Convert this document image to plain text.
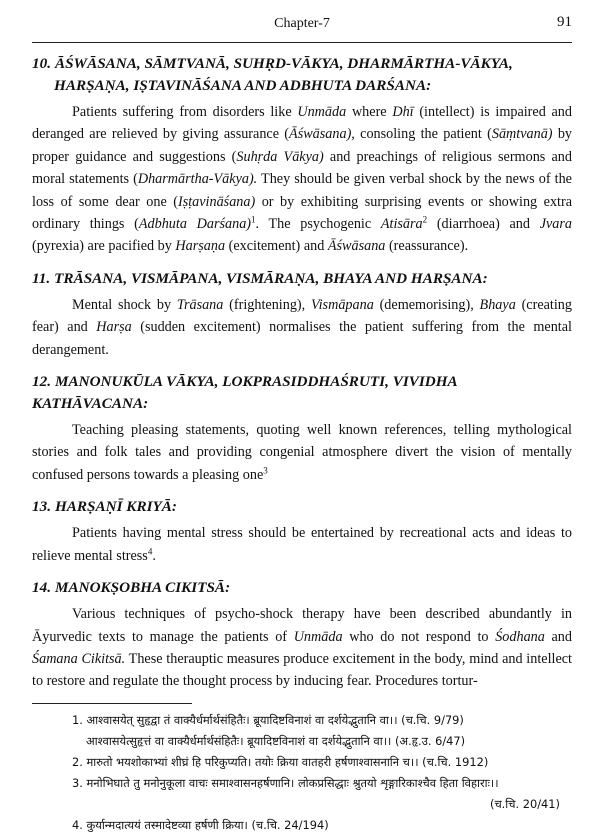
Chapter-7	91
10. ĀŚWĀSANA, SĀMTVANĀ, SUHṚD-VĀKYA, DHARMĀRTHA-VĀKYA,
HARṢAṆA, IṢTAVINĀŚANA AND ADBHUTA DARŚANA:

Patients suffering from disorders like Unmāda where Dhī (intellect) is impaired and deranged are relieved by giving assurance (Āśwāsana), consoling the patient (Sāṃtvanā) by proper guidance and suggestions (Suhṛda Vākya) and preachings of religious sermons and moral statements (Dharmārtha-Vākya). They should be given verbal shock by the news of the loss of some dear one (Iṣṭavināśana) or by exhibiting surprising events or showing extra ordinary things (Adbhuta Darśana)$^1$. The psychogenic Atisāra$^2$ (diarrhoea) and Jvara (pyrexia) are pacified by Harṣaṇa (excitement) and Āśwāsana (reassurance).

11. TRĀSANA, VISMĀPANA, VISMĀRAṆA, BHAYA AND HARṢANA:

Mental shock by Trāsana (frightening), Vismāpana (dememorising), Bhaya (creating fear) and Harṣa (sudden excitement) normalises the patient suffering from the mental derangement.

12. MANONUKŪLA VĀKYA, LOKPRASIDDHAŚRUTI, VIVIDHA KATHĀVACANA:

Teaching pleasing statements, quoting well known references, telling mythological stories and folk tales and providing congenial atmosphere divert the vision of mentally confused persons towards a pleasing one$^3$

13. HARṢAṆĪ KRIYĀ:

Patients having mental stress should be entertained by recreational acts and ideas to relieve mental stress$^4$.

14. MANOKṢOBHA CIKITSĀ:

Various techniques of psycho-shock therapy have been described abundantly in Āyurvedic texts to manage the patients of Unmāda who do not respond to Śodhana and Śamana Cikitsā. These therauptic measures produce excitement in the body, mind and intellect to restore and regulate the thought process by inducing fear. Procedures tortur-

1. आश्वासयेत् सुहृद्वा तं वाक्यैर्धर्मार्थसंहितैः। ब्रूयादिष्टविनाशं वा दर्शयेद्भुतानि वा।। (च.चि. 9/79)

आश्वासयेत्सुहृत्तं वा वाक्यैर्धर्मार्थसंहितैः। ब्रूयादिष्टविनाशं वा दर्शयेद्भुतानि वा।। (अ.हृ.उ. 6/47)

2. मारुतो भयशोकाभ्यां शीघ्रं हि परिकुप्यति। तयोः क्रिया वातहरी हर्षणाश्वासनानि च।। (च.चि. 1912)

3. मनोभिघाते तु मनोनुकूला वाचः समाश्वासनहर्षणानि। लोकप्रसिद्धाः श्रुतयो शृङ्गारिकाश्चैव हिता विहाराः।।

(च.चि. 20/41)

4. कुर्यान्मदात्ययं तस्मादेष्टव्या हर्षणी क्रिया। (च.चि. 24/194)
